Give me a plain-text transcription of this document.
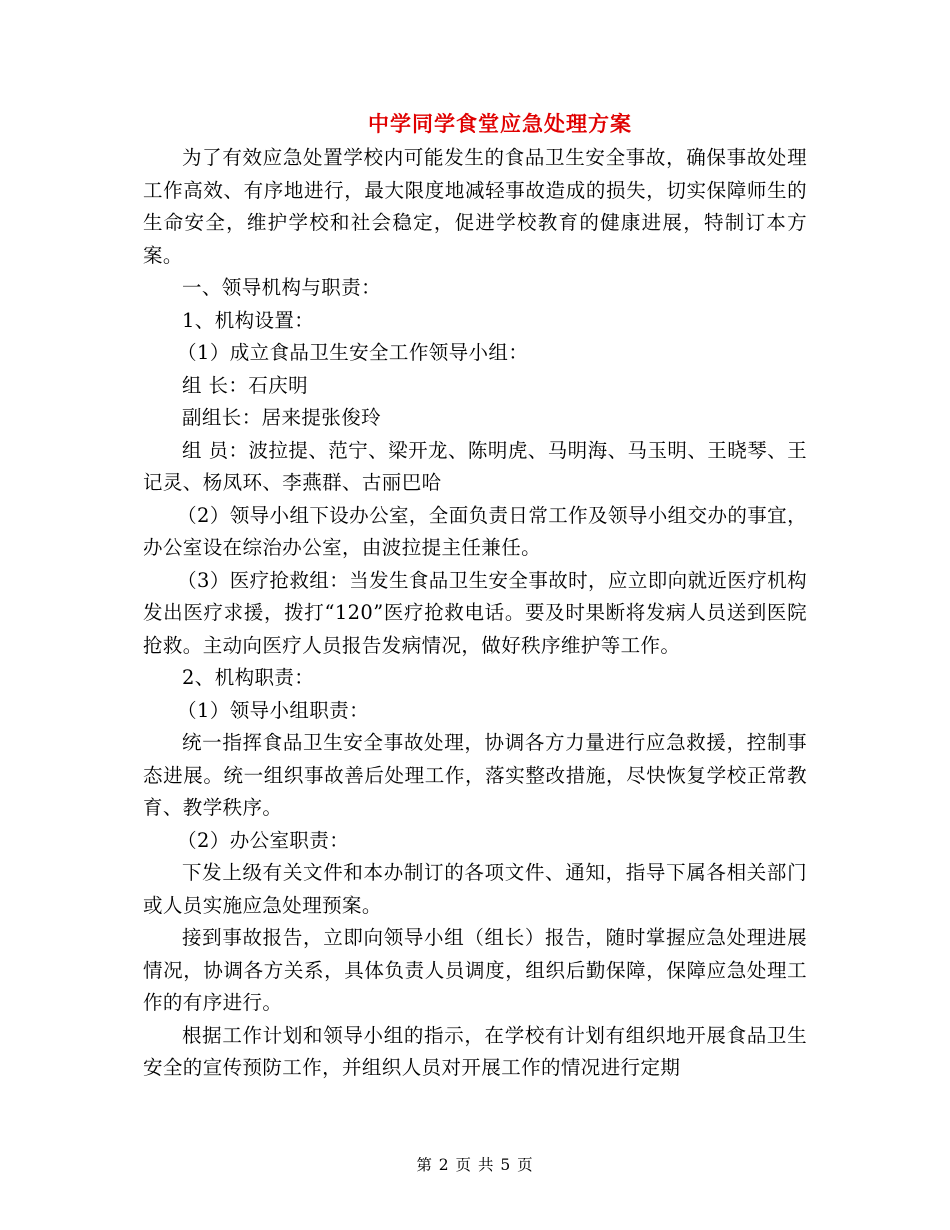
中学同学食堂应急处理方案

为了有效应急处置学校内可能发生的食品卫生安全事故，确保事故处理工作高效、有序地进行，最大限度地减轻事故造成的损失，切实保障师生的生命安全，维护学校和社会稳定，促进学校教育的健康进展，特制订本方案。

一、领导机构与职责：

1、机构设置：

（1）成立食品卫生安全工作领导小组：

组 长：石庆明

副组长：居来提张俊玲

组 员：波拉提、范宁、梁开龙、陈明虎、马明海、马玉明、王晓琴、王记灵、杨凤环、李燕群、古丽巴哈

（2）领导小组下设办公室，全面负责日常工作及领导小组交办的事宜，办公室设在综治办公室，由波拉提主任兼任。

（3）医疗抢救组：当发生食品卫生安全事故时，应立即向就近医疗机构发出医疗求援，拨打“120”医疗抢救电话。要及时果断将发病人员送到医院抢救。主动向医疗人员报告发病情况，做好秩序维护等工作。

2、机构职责：

（1）领导小组职责：

统一指挥食品卫生安全事故处理，协调各方力量进行应急救援，控制事态进展。统一组织事故善后处理工作，落实整改措施，尽快恢复学校正常教育、教学秩序。

（2）办公室职责：

下发上级有关文件和本办制订的各项文件、通知，指导下属各相关部门或人员实施应急处理预案。

接到事故报告，立即向领导小组（组长）报告，随时掌握应急处理进展情况，协调各方关系，具体负责人员调度，组织后勤保障，保障应急处理工作的有序进行。

根据工作计划和领导小组的指示，在学校有计划有组织地开展食品卫生安全的宣传预防工作，并组织人员对开展工作的情况进行定期

第 2 页 共 5 页
